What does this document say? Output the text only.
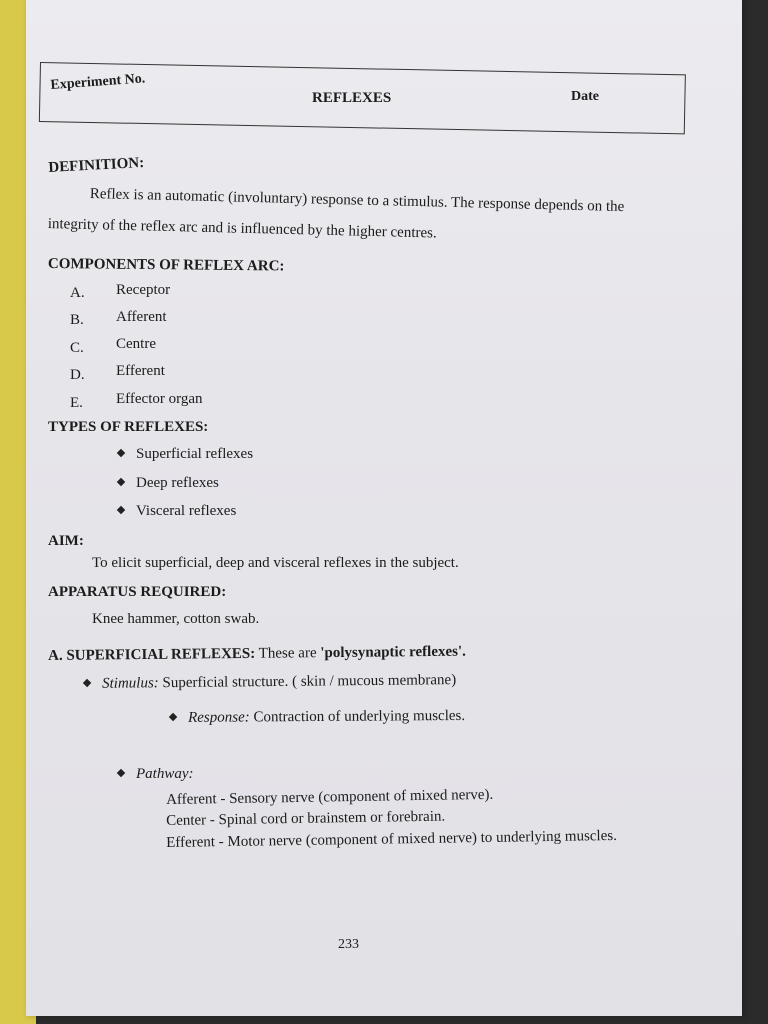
Experiment No.
REFLEXES	Date
DEFINITION:
Reflex is an automatic (involuntary) response to a stimulus. The response depends on the
integrity of the reflex arc and is influenced by the higher centres.
COMPONENTS OF REFLEX ARC:
A. Receptor
B. Afferent
C. Centre
D. Efferent
E. Effector organ
TYPES OF REFLEXES:
Superficial reflexes
Deep reflexes
Visceral reflexes
AIM:
To elicit superficial, deep and visceral reflexes in the subject.
APPARATUS REQUIRED:
Knee hammer, cotton swab.
A. SUPERFICIAL REFLEXES: These are 'polysynaptic reflexes'.
Stimulus: Superficial structure. ( skin / mucous membrane)
Response: Contraction of underlying muscles.
Pathway:
Afferent - Sensory nerve (component of mixed nerve).
Center - Spinal cord or brainstem or forebrain.
Efferent - Motor nerve (component of mixed nerve) to underlying muscles.
233
